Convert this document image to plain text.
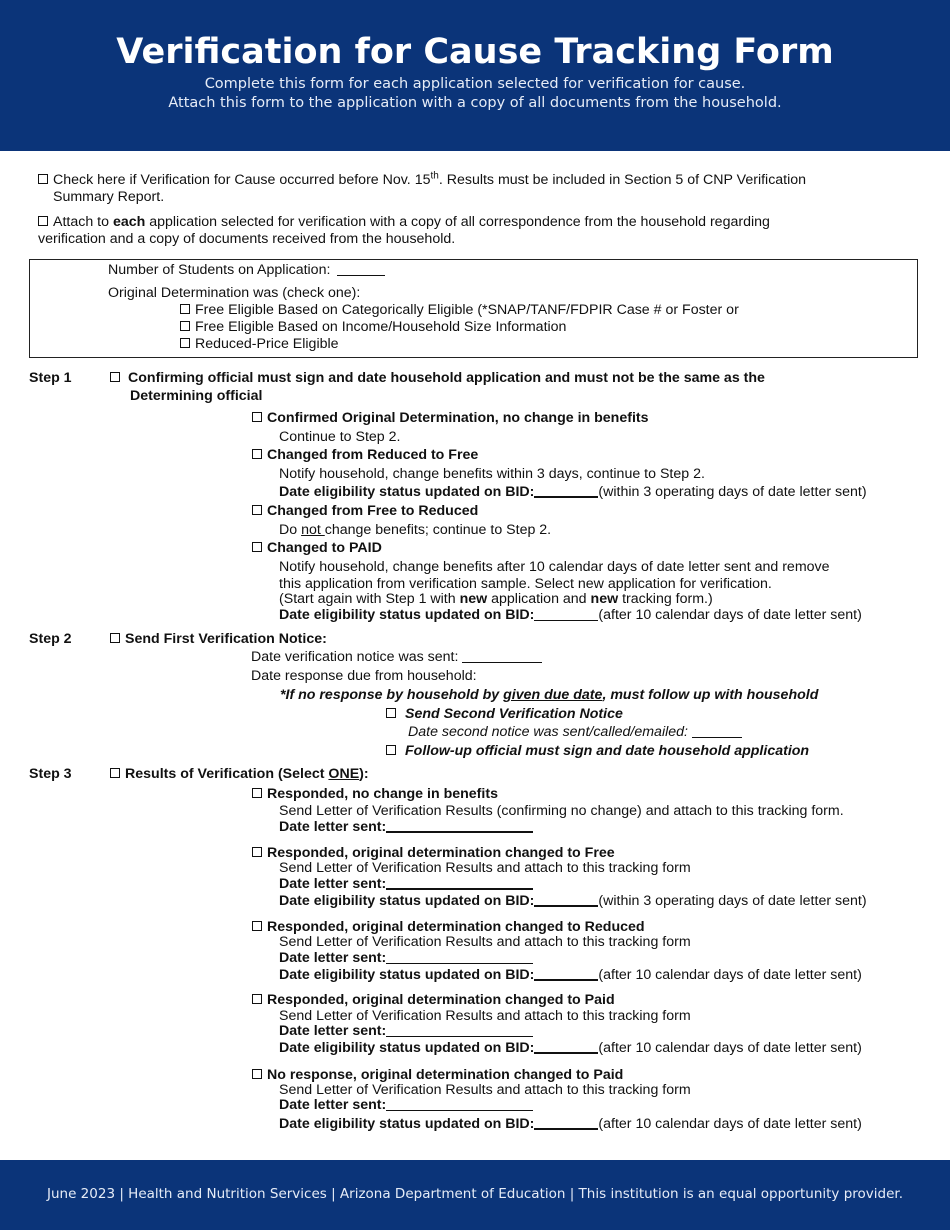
Verification for Cause Tracking Form
Complete this form for each application selected for verification for cause.
Attach this form to the application with a copy of all documents from the household.
Check here if Verification for Cause occurred before Nov. 15th. Results must be included in Section 5 of CNP Verification
Summary Report.
Attach to each application selected for verification with a copy of all correspondence from the household regarding
verification and a copy of documents received from the household.
Number of Students on Application:
Original Determination was (check one):
Free Eligible Based on Categorically Eligible (*SNAP/TANF/FDPIR Case # or Foster or
Free Eligible Based on Income/Household Size Information
Reduced-Price Eligible
Step 1	Confirming official must sign and date household application and must not be the same as the
Determining official
Confirmed Original Determination, no change in benefits
Continue to Step 2.
Changed from Reduced to Free
Notify household, change benefits within 3 days, continue to Step 2.
Date eligibility status updated on BID:	(within 3 operating days of date letter sent)
Changed from Free to Reduced
Do not change benefits; continue to Step 2.
Changed to PAID
Notify household, change benefits after 10 calendar days of date letter sent and remove
this application from verification sample. Select new application for verification.
(Start again with Step 1 with new application and new tracking form.)
Date eligibility status updated on BID:	(after 10 calendar days of date letter sent)
Step 2	Send First Verification Notice:
Date verification notice was sent:
Date response due from household:
*If no response by household by given due date, must follow up with household
Send Second Verification Notice
Date second notice was sent/called/emailed:
Follow-up official must sign and date household application
Step 3	Results of Verification (Select ONE):
Responded, no change in benefits
Send Letter of Verification Results (confirming no change) and attach to this tracking form.
Date letter sent:
Responded, original determination changed to Free
Send Letter of Verification Results and attach to this tracking form
Date letter sent:
Date eligibility status updated on BID:	(within 3 operating days of date letter sent)
Responded, original determination changed to Reduced
Send Letter of Verification Results and attach to this tracking form
Date letter sent:
Date eligibility status updated on BID:	(after 10 calendar days of date letter sent)
Responded, original determination changed to Paid
Send Letter of Verification Results and attach to this tracking form
Date letter sent:
Date eligibility status updated on BID:	(after 10 calendar days of date letter sent)
No response, original determination changed to Paid
Send Letter of Verification Results and attach to this tracking form
Date letter sent:
Date eligibility status updated on BID:	(after 10 calendar days of date letter sent)
June 2023 | Health and Nutrition Services | Arizona Department of Education | This institution is an equal opportunity provider.
